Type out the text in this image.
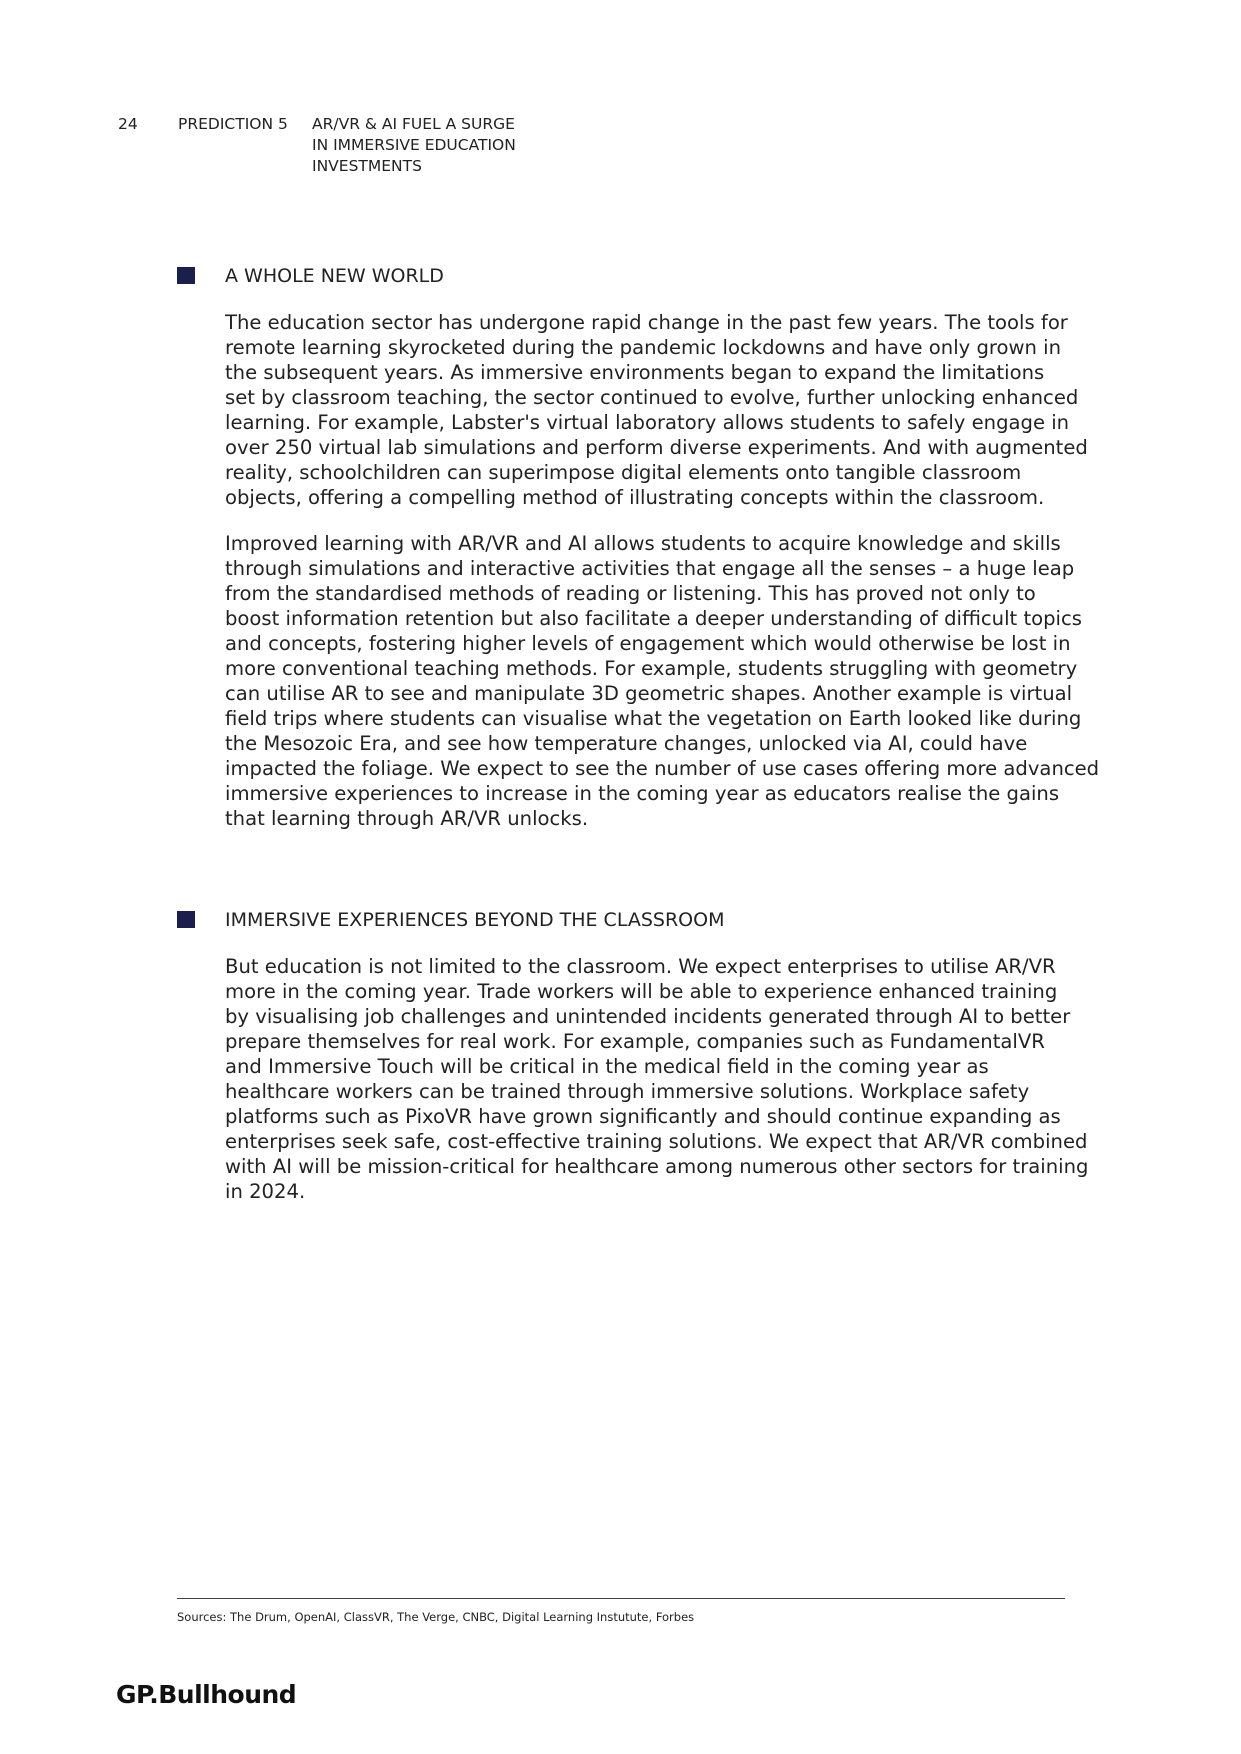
24	PREDICTION 5	AR/VR & AI FUEL A SURGE
IN IMMERSIVE EDUCATION
INVESTMENTS
A WHOLE NEW WORLD

The education sector has undergone rapid change in the past few years. The tools for
remote learning skyrocketed during the pandemic lockdowns and have only grown in
the subsequent years. As immersive environments began to expand the limitations
set by classroom teaching, the sector continued to evolve, further unlocking enhanced
learning. For example, Labster's virtual laboratory allows students to safely engage in
over 250 virtual lab simulations and perform diverse experiments. And with augmented
reality, schoolchildren can superimpose digital elements onto tangible classroom
objects, offering a compelling method of illustrating concepts within the classroom.

Improved learning with AR/VR and AI allows students to acquire knowledge and skills
through simulations and interactive activities that engage all the senses – a huge leap
from the standardised methods of reading or listening. This has proved not only to
boost information retention but also facilitate a deeper understanding of difficult topics
and concepts, fostering higher levels of engagement which would otherwise be lost in
more conventional teaching methods. For example, students struggling with geometry
can utilise AR to see and manipulate 3D geometric shapes. Another example is virtual
field trips where students can visualise what the vegetation on Earth looked like during
the Mesozoic Era, and see how temperature changes, unlocked via AI, could have
impacted the foliage. We expect to see the number of use cases offering more advanced
immersive experiences to increase in the coming year as educators realise the gains
that learning through AR/VR unlocks.

IMMERSIVE EXPERIENCES BEYOND THE CLASSROOM

But education is not limited to the classroom. We expect enterprises to utilise AR/VR
more in the coming year. Trade workers will be able to experience enhanced training
by visualising job challenges and unintended incidents generated through AI to better
prepare themselves for real work. For example, companies such as FundamentalVR
and Immersive Touch will be critical in the medical field in the coming year as
healthcare workers can be trained through immersive solutions. Workplace safety
platforms such as PixoVR have grown significantly and should continue expanding as
enterprises seek safe, cost-effective training solutions. We expect that AR/VR combined
with AI will be mission-critical for healthcare among numerous other sectors for training
in 2024.

Sources: The Drum, OpenAI, ClassVR, The Verge, CNBC, Digital Learning Instutute, Forbes
GP.Bullhound
